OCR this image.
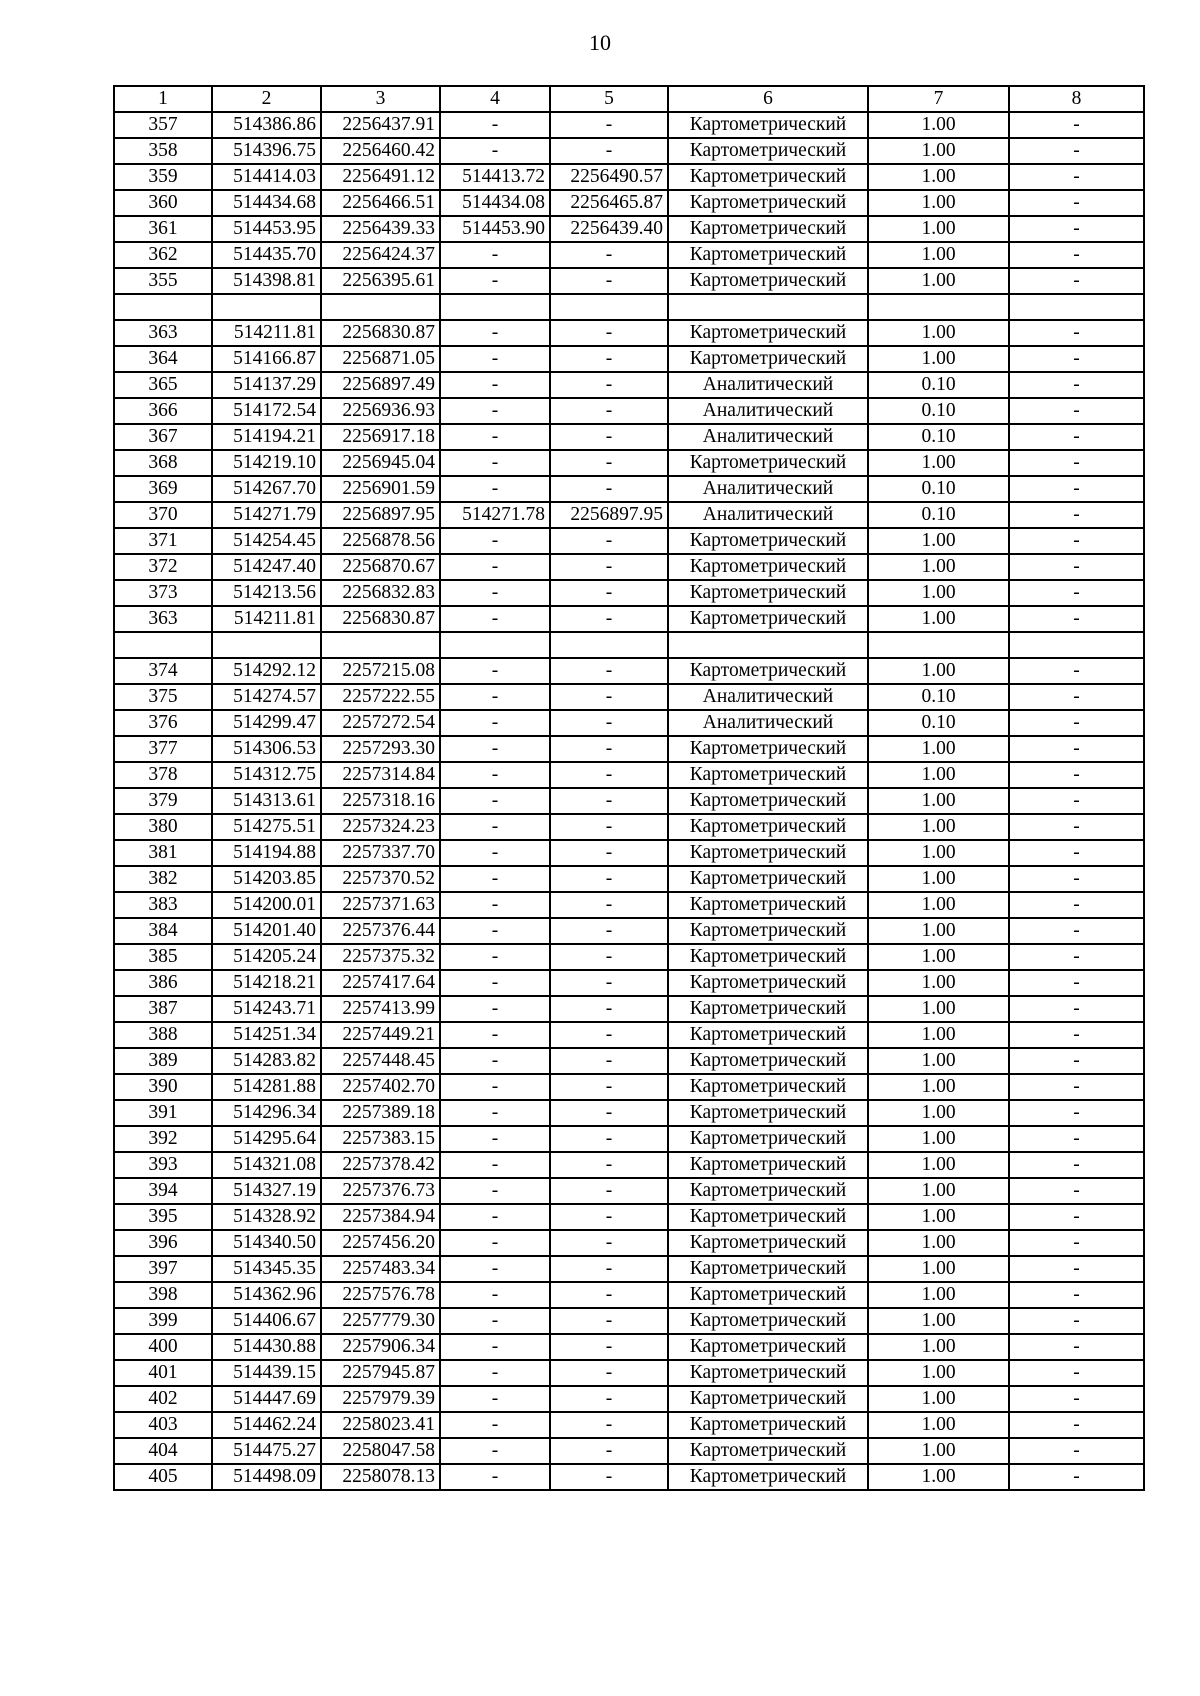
10
1	2	3	4	5	6	7	8
357	514386.86	2256437.91	-	-	Картометрический	1.00	-
358	514396.75	2256460.42	-	-	Картометрический	1.00	-
359	514414.03	2256491.12	514413.72	2256490.57	Картометрический	1.00	-
360	514434.68	2256466.51	514434.08	2256465.87	Картометрический	1.00	-
361	514453.95	2256439.33	514453.90	2256439.40	Картометрический	1.00	-
362	514435.70	2256424.37	-	-	Картометрический	1.00	-
355	514398.81	2256395.61	-	-	Картометрический	1.00	-

363	514211.81	2256830.87	-	-	Картометрический	1.00	-
364	514166.87	2256871.05	-	-	Картометрический	1.00	-
365	514137.29	2256897.49	-	-	Аналитический	0.10	-
366	514172.54	2256936.93	-	-	Аналитический	0.10	-
367	514194.21	2256917.18	-	-	Аналитический	0.10	-
368	514219.10	2256945.04	-	-	Картометрический	1.00	-
369	514267.70	2256901.59	-	-	Аналитический	0.10	-
370	514271.79	2256897.95	514271.78	2256897.95	Аналитический	0.10	-
371	514254.45	2256878.56	-	-	Картометрический	1.00	-
372	514247.40	2256870.67	-	-	Картометрический	1.00	-
373	514213.56	2256832.83	-	-	Картометрический	1.00	-
363	514211.81	2256830.87	-	-	Картометрический	1.00	-

374	514292.12	2257215.08	-	-	Картометрический	1.00	-
375	514274.57	2257222.55	-	-	Аналитический	0.10	-
376	514299.47	2257272.54	-	-	Аналитический	0.10	-
377	514306.53	2257293.30	-	-	Картометрический	1.00	-
378	514312.75	2257314.84	-	-	Картометрический	1.00	-
379	514313.61	2257318.16	-	-	Картометрический	1.00	-
380	514275.51	2257324.23	-	-	Картометрический	1.00	-
381	514194.88	2257337.70	-	-	Картометрический	1.00	-
382	514203.85	2257370.52	-	-	Картометрический	1.00	-
383	514200.01	2257371.63	-	-	Картометрический	1.00	-
384	514201.40	2257376.44	-	-	Картометрический	1.00	-
385	514205.24	2257375.32	-	-	Картометрический	1.00	-
386	514218.21	2257417.64	-	-	Картометрический	1.00	-
387	514243.71	2257413.99	-	-	Картометрический	1.00	-
388	514251.34	2257449.21	-	-	Картометрический	1.00	-
389	514283.82	2257448.45	-	-	Картометрический	1.00	-
390	514281.88	2257402.70	-	-	Картометрический	1.00	-
391	514296.34	2257389.18	-	-	Картометрический	1.00	-
392	514295.64	2257383.15	-	-	Картометрический	1.00	-
393	514321.08	2257378.42	-	-	Картометрический	1.00	-
394	514327.19	2257376.73	-	-	Картометрический	1.00	-
395	514328.92	2257384.94	-	-	Картометрический	1.00	-
396	514340.50	2257456.20	-	-	Картометрический	1.00	-
397	514345.35	2257483.34	-	-	Картометрический	1.00	-
398	514362.96	2257576.78	-	-	Картометрический	1.00	-
399	514406.67	2257779.30	-	-	Картометрический	1.00	-
400	514430.88	2257906.34	-	-	Картометрический	1.00	-
401	514439.15	2257945.87	-	-	Картометрический	1.00	-
402	514447.69	2257979.39	-	-	Картометрический	1.00	-
403	514462.24	2258023.41	-	-	Картометрический	1.00	-
404	514475.27	2258047.58	-	-	Картометрический	1.00	-
405	514498.09	2258078.13	-	-	Картометрический	1.00	-
